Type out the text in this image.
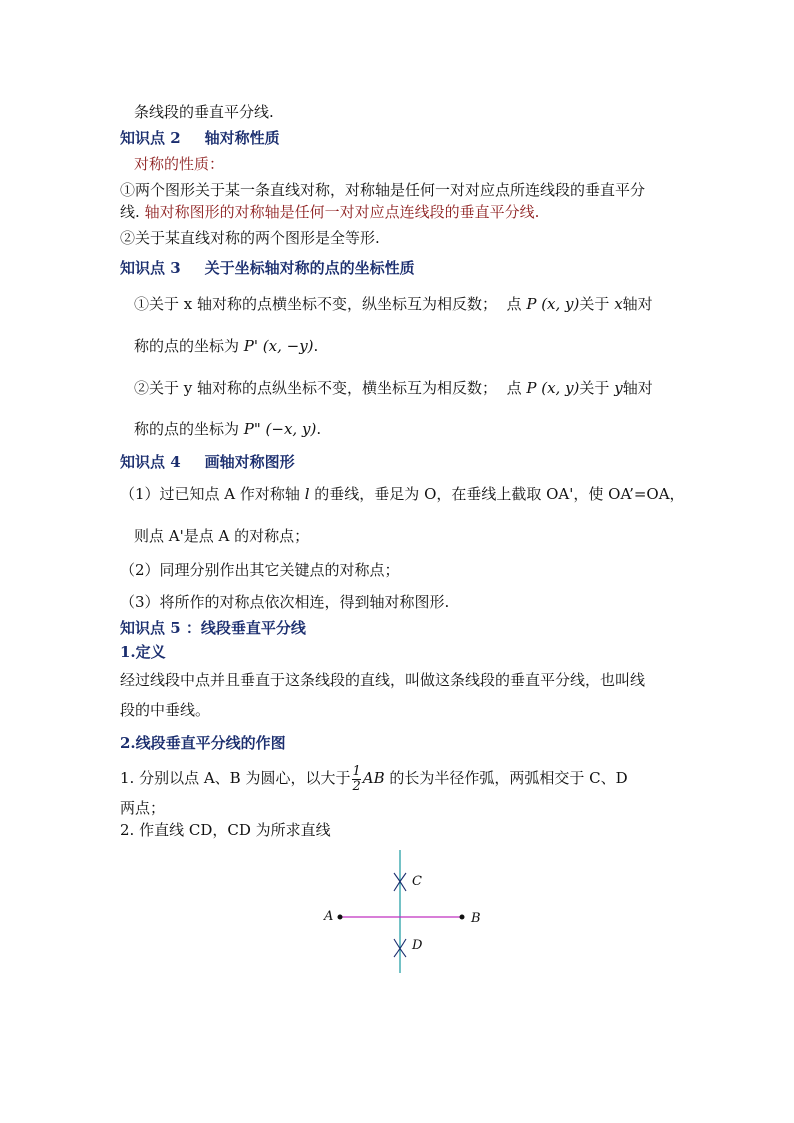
条线段的垂直平分线.
知识点 2 轴对称性质
对称的性质：
①两个图形关于某一条直线对称，对称轴是任何一对对应点所连线段的垂直平分
线. 轴对称图形的对称轴是任何一对对应点连线段的垂直平分线.
②关于某直线对称的两个图形是全等形.
知识点 3 关于坐标轴对称的点的坐标性质
①关于 x 轴对称的点横坐标不变，纵坐标互为相反数； 点 P (x, y)关于 x轴对
称的点的坐标为 P' (x, −y).
②关于 y 轴对称的点纵坐标不变，横坐标互为相反数； 点 P (x, y)关于 y轴对
称的点的坐标为 P" (−x, y).
知识点 4 画轴对称图形
（1）过已知点 A 作对称轴 l 的垂线，垂足为 O，在垂线上截取 OA'，使 OA’=OA，
则点 A'是点 A 的对称点；
（2）同理分别作出其它关键点的对称点；
（3）将所作的对称点依次相连，得到轴对称图形.
知识点 5 ：线段垂直平分线
1.定义
经过线段中点并且垂直于这条线段的直线，叫做这条线段的垂直平分线，也叫线
段的中垂线。
2.线段垂直平分线的作图
1. 分别以点 A、B 为圆心，以大于 $\frac{1}{2}$ AB 的长为半径作弧，两弧相交于 C、D
两点；
2. 作直线 CD，CD 为所求直线
A	B
C
D
